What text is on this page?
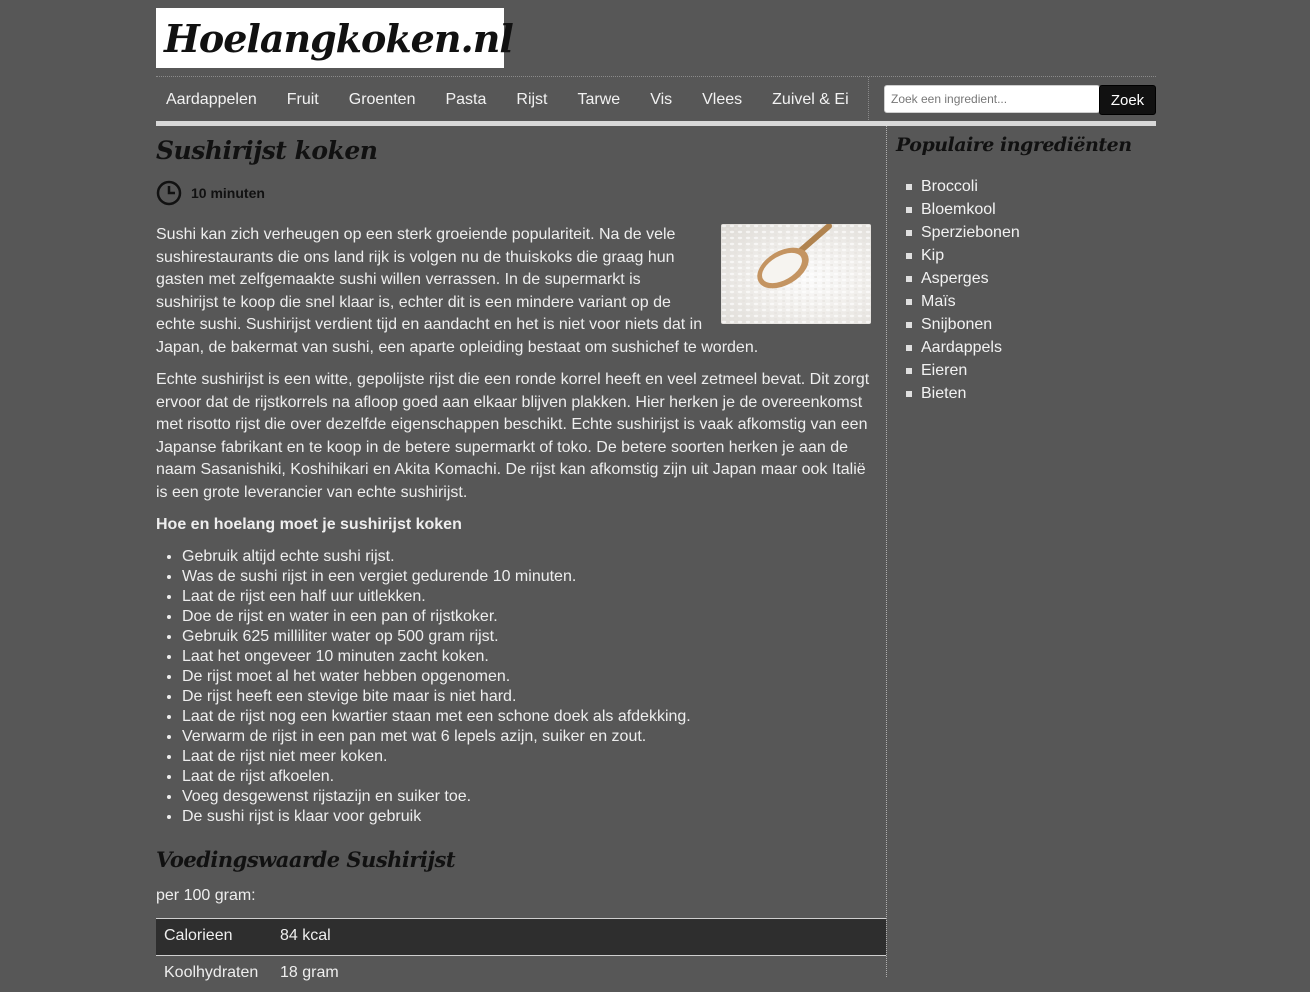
Hoelangkoken.nl
Aardappelen	Fruit	Groenten	Pasta	Rijst	Tarwe	Vis	Vlees	Zuivel & Ei
Zoek een ingredient...	Zoek
Sushirijst koken
10 minuten

Sushi kan zich verheugen op een sterk groeiende populariteit. Na de vele sushirestaurants die ons land rijk is volgen nu de thuiskoks die graag hun gasten met zelfgemaakte sushi willen verrassen. In de supermarkt is sushirijst te koop die snel klaar is, echter dit is een mindere variant op de echte sushi. Sushirijst verdient tijd en aandacht en het is niet voor niets dat in Japan, de bakermat van sushi, een aparte opleiding bestaat om sushichef te worden.

Echte sushirijst is een witte, gepolijste rijst die een ronde korrel heeft en veel zetmeel bevat. Dit zorgt ervoor dat de rijstkorrels na afloop goed aan elkaar blijven plakken. Hier herken je de overeenkomst met risotto rijst die over dezelfde eigenschappen beschikt. Echte sushirijst is vaak afkomstig van een Japanse fabrikant en te koop in de betere supermarkt of toko. De betere soorten herken je aan de naam Sasanishiki, Koshihikari en Akita Komachi. De rijst kan afkomstig zijn uit Japan maar ook Italië is een grote leverancier van echte sushirijst.

Hoe en hoelang moet je sushirijst koken

• Gebruik altijd echte sushi rijst.
• Was de sushi rijst in een vergiet gedurende 10 minuten.
• Laat de rijst een half uur uitlekken.
• Doe de rijst en water in een pan of rijstkoker.
• Gebruik 625 milliliter water op 500 gram rijst.
• Laat het ongeveer 10 minuten zacht koken.
• De rijst moet al het water hebben opgenomen.
• De rijst heeft een stevige bite maar is niet hard.
• Laat de rijst nog een kwartier staan met een schone doek als afdekking.
• Verwarm de rijst in een pan met wat 6 lepels azijn, suiker en zout.
• Laat de rijst niet meer koken.
• Laat de rijst afkoelen.
• Voeg desgewenst rijstazijn en suiker toe.
• De sushi rijst is klaar voor gebruik
Voedingswaarde Sushirijst

per 100 gram:

Calorieen	84 kcal
Koolhydraten	18 gram
Populaire ingrediënten
Broccoli
Bloemkool
Sperziebonen
Kip
Asperges
Maïs
Snijbonen
Aardappels
Eieren
Bieten
